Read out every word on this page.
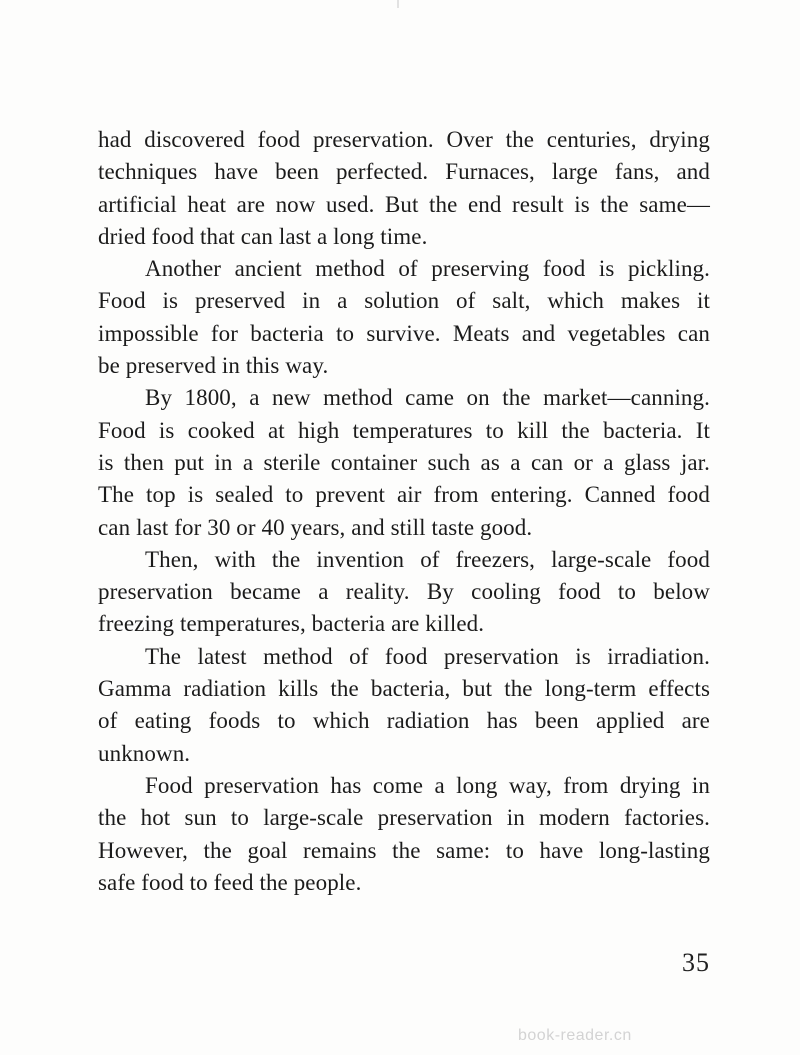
had discovered food preservation. Over the centuries, drying
techniques have been perfected. Furnaces, large fans, and
artificial heat are now used. But the end result is the same—
dried food that can last a long time.

Another ancient method of preserving food is pickling.
Food is preserved in a solution of salt, which makes it
impossible for bacteria to survive. Meats and vegetables can
be preserved in this way.

By 1800, a new method came on the market—canning.
Food is cooked at high temperatures to kill the bacteria. It
is then put in a sterile container such as a can or a glass jar.
The top is sealed to prevent air from entering. Canned food
can last for 30 or 40 years, and still taste good.

Then, with the invention of freezers, large-scale food
preservation became a reality. By cooling food to below
freezing temperatures, bacteria are killed.

The latest method of food preservation is irradiation.
Gamma radiation kills the bacteria, but the long-term effects
of eating foods to which radiation has been applied are
unknown.

Food preservation has come a long way, from drying in
the hot sun to large-scale preservation in modern factories.
However, the goal remains the same: to have long-lasting
safe food to feed the people.

35
book-reader.cn
